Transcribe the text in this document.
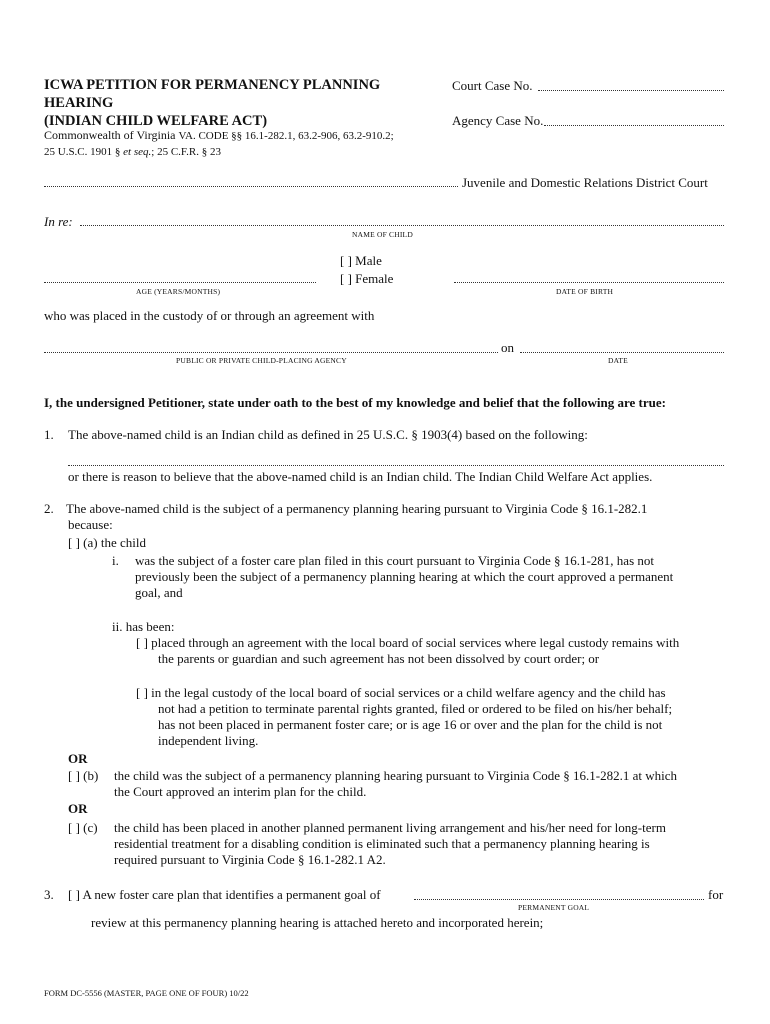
ICWA PETITION FOR PERMANENCY PLANNING
HEARING
(INDIAN CHILD WELFARE ACT)
Commonwealth of Virginia VA. CODE §§ 16.1-282.1, 63.2-906, 63.2-910.2;
25 U.S.C. 1901 § et seq.; 25 C.F.R. § 23
Court Case No.
Agency Case No.
Juvenile and Domestic Relations District Court
In re:
NAME OF CHILD
[ ] Male
[ ] Female
AGE (YEARS/MONTHS)	DATE OF BIRTH
who was placed in the custody of or through an agreement with
on
PUBLIC OR PRIVATE CHILD-PLACING AGENCY	DATE
I, the undersigned Petitioner, state under oath to the best of my knowledge and belief that the following are true:
1. The above-named child is an Indian child as defined in 25 U.S.C. § 1903(4) based on the following:
or there is reason to believe that the above-named child is an Indian child. The Indian Child Welfare Act applies.
2. The above-named child is the subject of a permanency planning hearing pursuant to Virginia Code § 16.1-282.1
because:
[ ] (a) the child
i. was the subject of a foster care plan filed in this court pursuant to Virginia Code § 16.1-281, has not
previously been the subject of a permanency planning hearing at which the court approved a permanent
goal, and
ii. has been:
[ ] placed through an agreement with the local board of social services where legal custody remains with
the parents or guardian and such agreement has not been dissolved by court order; or
[ ] in the legal custody of the local board of social services or a child welfare agency and the child has
not had a petition to terminate parental rights granted, filed or ordered to be filed on his/her behalf;
has not been placed in permanent foster care; or is age 16 or over and the plan for the child is not
independent living.
OR
[ ] (b) the child was the subject of a permanency planning hearing pursuant to Virginia Code § 16.1-282.1 at which
the Court approved an interim plan for the child.
OR
[ ] (c) the child has been placed in another planned permanent living arrangement and his/her need for long-term
residential treatment for a disabling condition is eliminated such that a permanency planning hearing is
required pursuant to Virginia Code § 16.1-282.1 A2.
3. [ ] A new foster care plan that identifies a permanent goal of	for
PERMANENT GOAL
review at this permanency planning hearing is attached hereto and incorporated herein;
FORM DC-5556 (MASTER, PAGE ONE OF FOUR) 10/22
